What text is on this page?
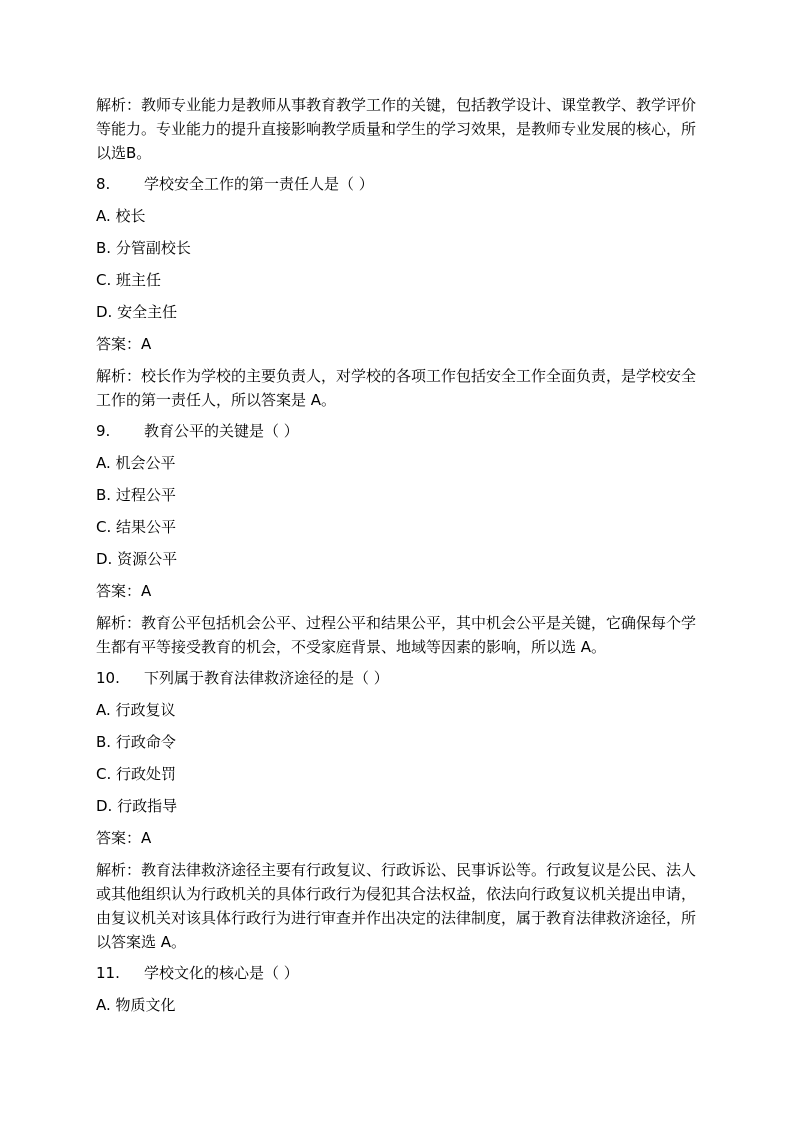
解析：教师专业能力是教师从事教育教学工作的关键，包括教学设计、课堂教学、教学评价等能力。专业能力的提升直接影响教学质量和学生的学习效果，是教师专业发展的核心，所以选B。

8. 学校安全工作的第一责任人是（ ）

A. 校长

B. 分管副校长

C. 班主任

D. 安全主任

答案：A

解析：校长作为学校的主要负责人，对学校的各项工作包括安全工作全面负责，是学校安全工作的第一责任人，所以答案是 A。

9. 教育公平的关键是（ ）

A. 机会公平

B. 过程公平

C. 结果公平

D. 资源公平

答案：A

解析：教育公平包括机会公平、过程公平和结果公平，其中机会公平是关键，它确保每个学生都有平等接受教育的机会，不受家庭背景、地域等因素的影响，所以选 A。

10. 下列属于教育法律救济途径的是（ ）

A. 行政复议

B. 行政命令

C. 行政处罚

D. 行政指导

答案：A

解析：教育法律救济途径主要有行政复议、行政诉讼、民事诉讼等。行政复议是公民、法人或其他组织认为行政机关的具体行政行为侵犯其合法权益，依法向行政复议机关提出申请，由复议机关对该具体行政行为进行审查并作出决定的法律制度，属于教育法律救济途径，所以答案选 A。

11. 学校文化的核心是（ ）

A. 物质文化
